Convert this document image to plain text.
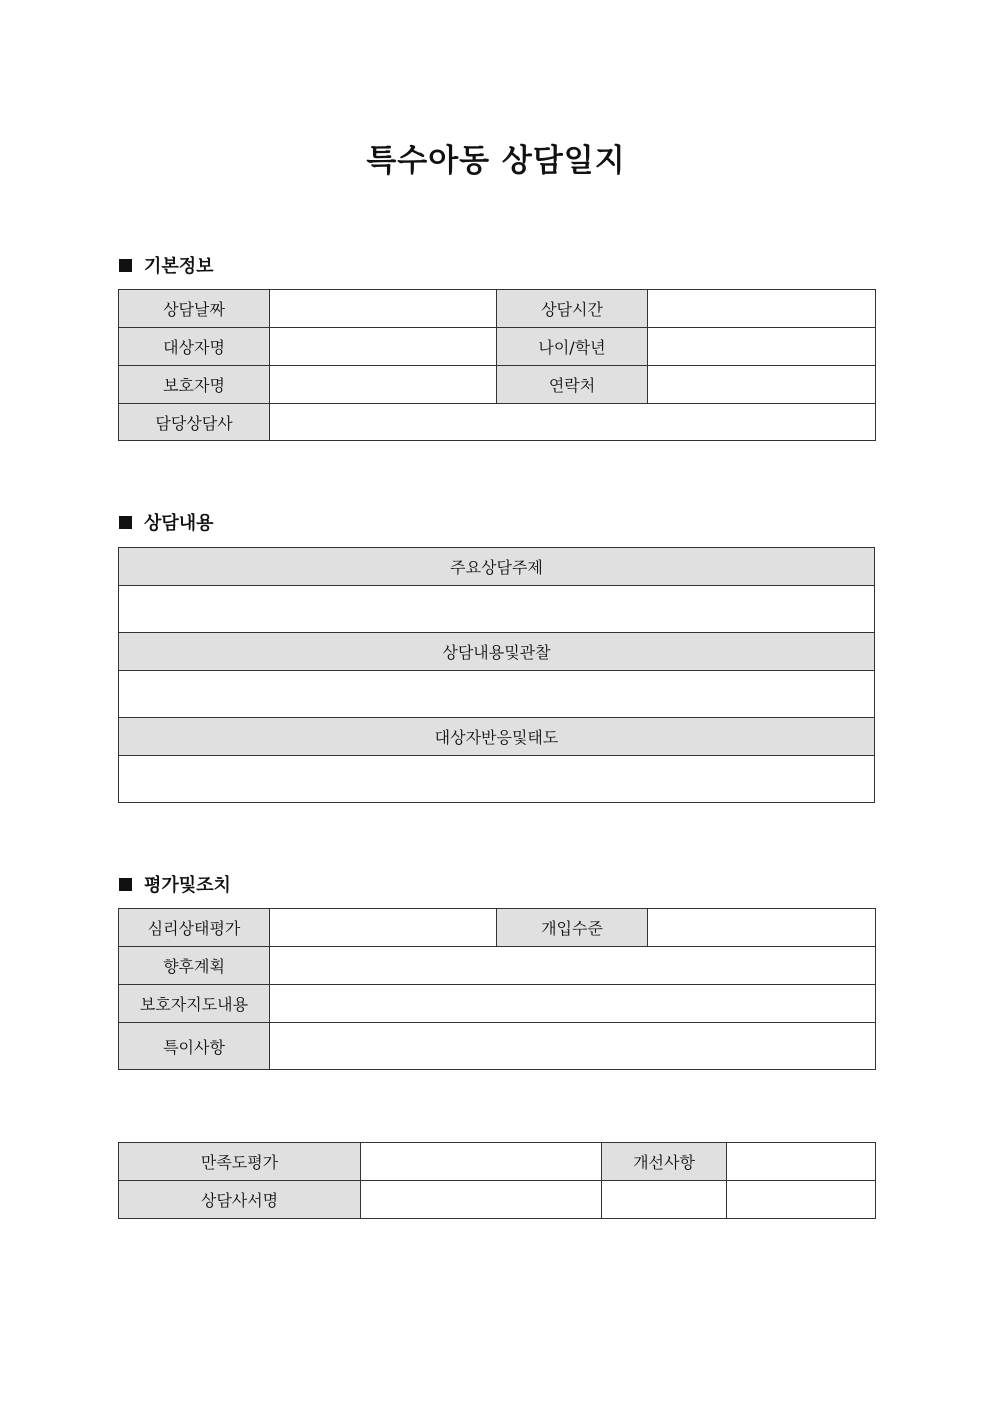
특수아동 상담일지
기본정보
상담날짜		상담시간	
대상자명		나이/학년	
보호자명		연락처	
담당상담사			
상담내용
주요상담주제

상담내용및관찰

대상자반응및태도

평가및조치
심리상태평가		개입수준	
향후계획			
보호자지도내용			
특이사항			
만족도평가		개선사항	
상담사서명			
